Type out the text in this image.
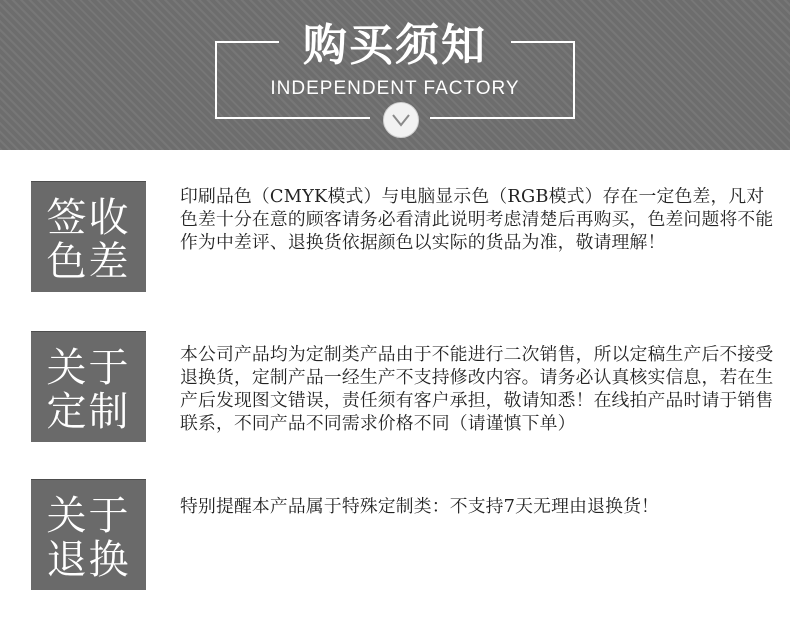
购买须知
INDEPENDENT FACTORY
签收
色差
印刷品色（CMYK模式）与电脑显示色（RGB模式）存在一定色差，凡对色差十分在意的顾客请务必看清此说明考虑清楚后再购买，色差问题将不能作为中差评、退换货依据颜色以实际的货品为准，敬请理解！
关于
定制
本公司产品均为定制类产品由于不能进行二次销售，所以定稿生产后不接受退换货，定制产品一经生产不支持修改内容。请务必认真核实信息，若在生产后发现图文错误，责任须有客户承担，敬请知悉！在线拍产品时请于销售联系，不同产品不同需求价格不同（请谨慎下单）
关于
退换
特别提醒本产品属于特殊定制类：不支持7天无理由退换货！
